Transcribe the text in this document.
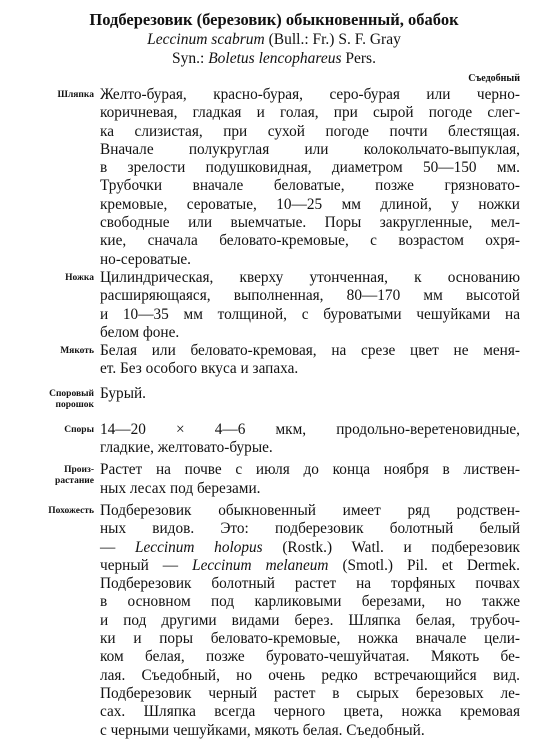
Подберезовик (березовик) обыкновенный, обабок
Leccinum scabrum (Bull.: Fr.) S. F. Gray
Syn.: Boletus lencophareus Pers.
Съедобный
Шляпка Желто-бурая, красно-бурая, серо-бурая или черно-
коричневая, гладкая и голая, при сырой погоде слег-
ка слизистая, при сухой погоде почти блестящая.
Вначале полукруглая или колокольчато-выпуклая,
в зрелости подушковидная, диаметром 50—150 мм.
Трубочки вначале беловатые, позже грязновато-
кремовые, сероватые, 10—25 мм длиной, у ножки
свободные или выемчатые. Поры закругленные, мел-
кие, сначала беловато-кремовые, с возрастом охря-
но-сероватые.
Ножка Цилиндрическая, кверху утонченная, к основанию
расширяющаяся, выполненная, 80—170 мм высотой
и 10—35 мм толщиной, с буроватыми чешуйками на
белом фоне.
Мякоть Белая или беловато-кремовая, на срезе цвет не меня-
ет. Без особого вкуса и запаха.
Споровый
порошок
Бурый.
Споры 14—20 × 4—6 мкм, продольно-веретеновидные,
гладкие, желтовато-бурые.
Произ-
растание
Растет на почве с июля до конца ноября в листвен-
ных лесах под березами.
Похожесть Подберезовик обыкновенный имеет ряд родствен-
ных видов. Это: подберезовик болотный белый
— Leccinum holopus (Rostk.) Watl. и подберезовик
черный — Leccinum melaneum (Smotl.) Pil. et Dermek.
Подберезовик болотный растет на торфяных почвах
в основном под карликовыми березами, но также
и под другими видами берез. Шляпка белая, трубоч-
ки и поры беловато-кремовые, ножка вначале цели-
ком белая, позже буровато-чешуйчатая. Мякоть бе-
лая. Съедобный, но очень редко встречающийся вид.
Подберезовик черный растет в сырых березовых ле-
сах. Шляпка всегда черного цвета, ножка кремовая
с черными чешуйками, мякоть белая. Съедобный.
